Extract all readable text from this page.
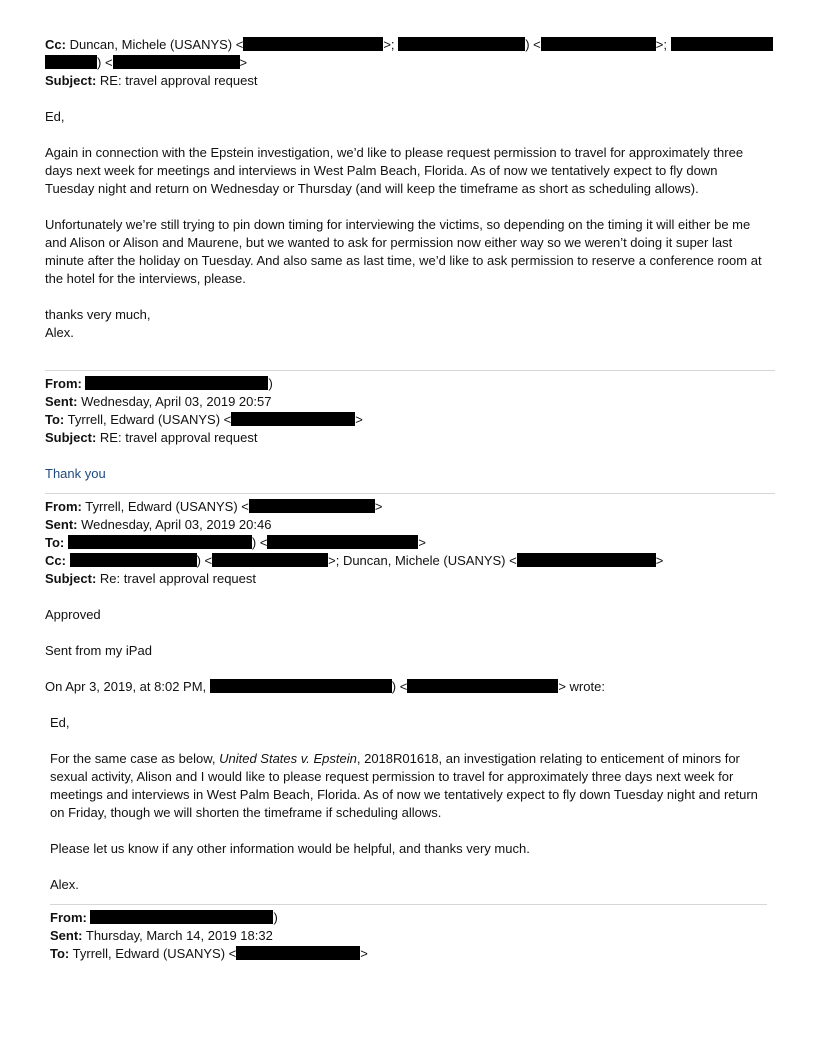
Cc: Duncan, Michele (USANYS) <	>;	) <	>;
) <	>
Subject: RE: travel approval request
Ed,
Again in connection with the Epstein investigation, we’d like to please request permission to travel for approximately three days next week for meetings and interviews in West Palm Beach, Florida. As of now we tentatively expect to fly down Tuesday night and return on Wednesday or Thursday (and will keep the timeframe as short as scheduling allows).
Unfortunately we’re still trying to pin down timing for interviewing the victims, so depending on the timing it will either be me and Alison or Alison and Maurene, but we wanted to ask for permission now either way so we weren’t doing it super last minute after the holiday on Tuesday. And also same as last time, we’d like to ask permission to reserve a conference room at the hotel for the interviews, please.
thanks very much,
Alex.
From:	)
Sent: Wednesday, April 03, 2019 20:57
To: Tyrrell, Edward (USANYS) <	>
Subject: RE: travel approval request
Thank you
From: Tyrrell, Edward (USANYS) <	>
Sent: Wednesday, April 03, 2019 20:46
To:	) <	>
Cc:	) <	>; Duncan, Michele (USANYS) <	>
Subject: Re: travel approval request
Approved
Sent from my iPad
On Apr 3, 2019, at 8:02 PM,	) <	> wrote:
Ed,
For the same case as below, United States v. Epstein, 2018R01618, an investigation relating to enticement of minors for sexual activity, Alison and I would like to please request permission to travel for approximately three days next week for meetings and interviews in West Palm Beach, Florida. As of now we tentatively expect to fly down Tuesday night and return on Friday, though we will shorten the timeframe if scheduling allows.
Please let us know if any other information would be helpful, and thanks very much.
Alex.
From:	)
Sent: Thursday, March 14, 2019 18:32
To: Tyrrell, Edward (USANYS) <	>
